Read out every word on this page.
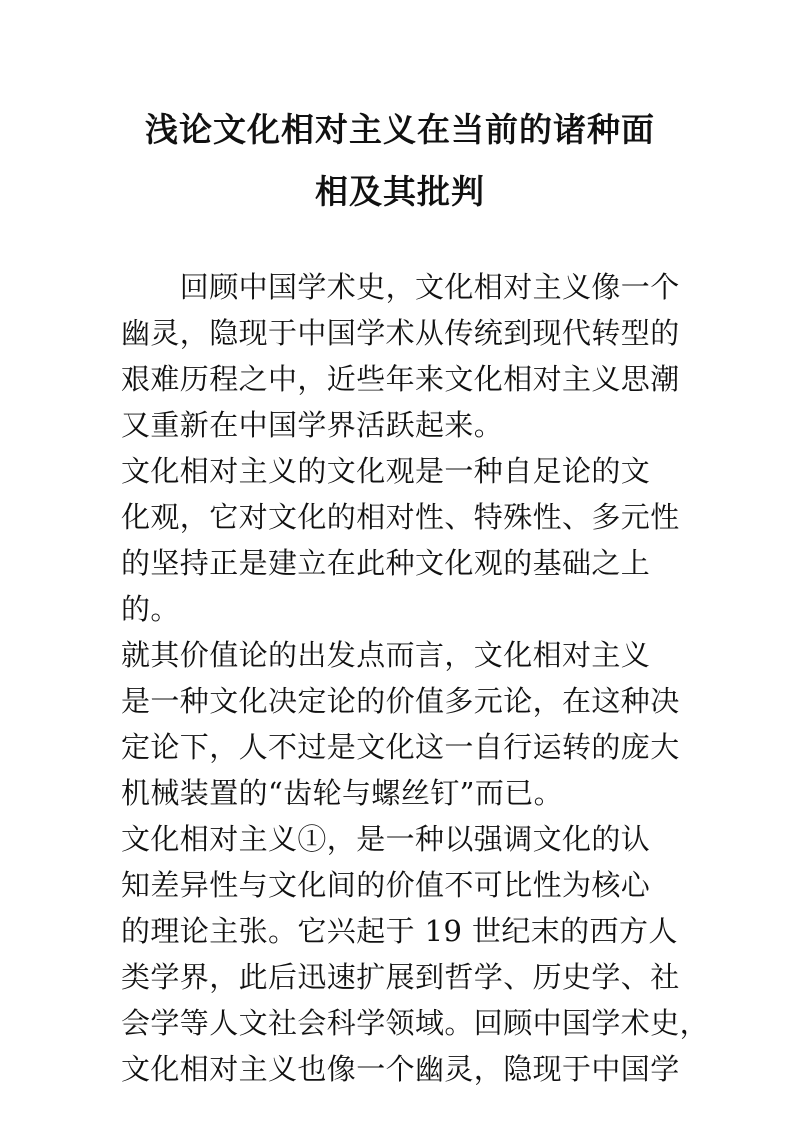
浅论文化相对主义在当前的诸种面
相及其批判
　　回顾中国学术史，文化相对主义像一个
幽灵，隐现于中国学术从传统到现代转型的
艰难历程之中，近些年来文化相对主义思潮
又重新在中国学界活跃起来。
文化相对主义的文化观是一种自足论的文
化观，它对文化的相对性、特殊性、多元性
的坚持正是建立在此种文化观的基础之上
的。
就其价值论的出发点而言，文化相对主义
是一种文化决定论的价值多元论，在这种决
定论下，人不过是文化这一自行运转的庞大
机械装置的“齿轮与螺丝钉”而已。
文化相对主义①，是一种以强调文化的认
知差异性与文化间的价值不可比性为核心
的理论主张。它兴起于 19 世纪末的西方人
类学界，此后迅速扩展到哲学、历史学、社
会学等人文社会科学领域。回顾中国学术史，
文化相对主义也像一个幽灵，隐现于中国学
